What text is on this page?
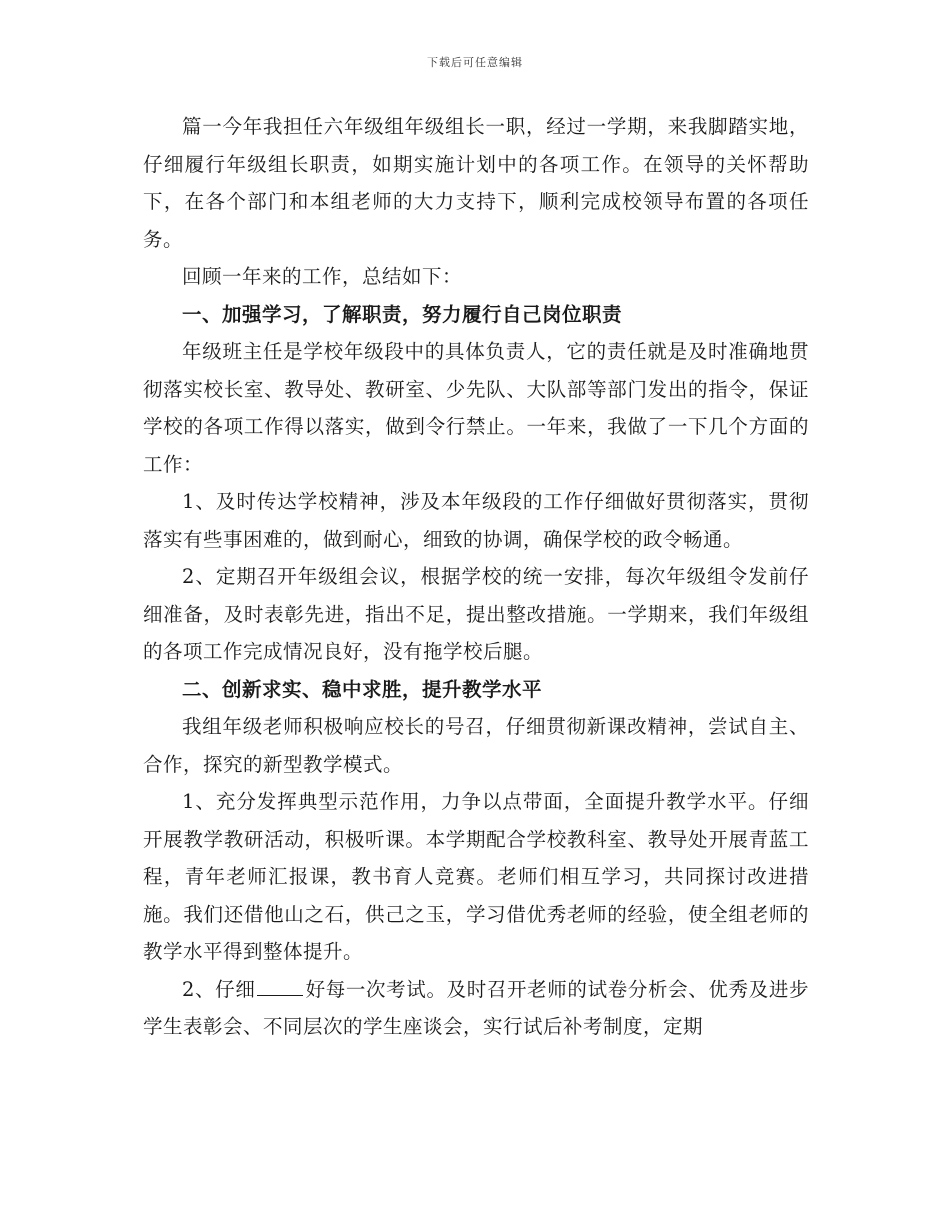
下载后可任意编辑

篇一今年我担任六年级组年级组长一职，经过一学期，来我脚踏实地，仔细履行年级组长职责，如期实施计划中的各项工作。在领导的关怀帮助下，在各个部门和本组老师的大力支持下，顺利完成校领导布置的各项任务。

回顾一年来的工作，总结如下：

一、加强学习，了解职责，努力履行自己岗位职责

年级班主任是学校年级段中的具体负责人，它的责任就是及时准确地贯彻落实校长室、教导处、教研室、少先队、大队部等部门发出的指令，保证学校的各项工作得以落实，做到令行禁止。一年来，我做了一下几个方面的工作：

1、及时传达学校精神，涉及本年级段的工作仔细做好贯彻落实，贯彻落实有些事困难的，做到耐心，细致的协调，确保学校的政令畅通。

2、定期召开年级组会议，根据学校的统一安排，每次年级组令发前仔细准备，及时表彰先进，指出不足，提出整改措施。一学期来，我们年级组的各项工作完成情况良好，没有拖学校后腿。

二、创新求实、稳中求胜，提升教学水平

我组年级老师积极响应校长的号召，仔细贯彻新课改精神，尝试自主、合作，探究的新型教学模式。

1、充分发挥典型示范作用，力争以点带面，全面提升教学水平。仔细开展教学教研活动，积极听课。本学期配合学校教科室、教导处开展青蓝工程，青年老师汇报课，教书育人竞赛。老师们相互学习，共同探讨改进措施。我们还借他山之石，供己之玉，学习借优秀老师的经验，使全组老师的教学水平得到整体提升。

2、仔细	好每一次考试。及时召开老师的试卷分析会、优秀及进步学生表彰会、不同层次的学生座谈会，实行试后补考制度，定期
